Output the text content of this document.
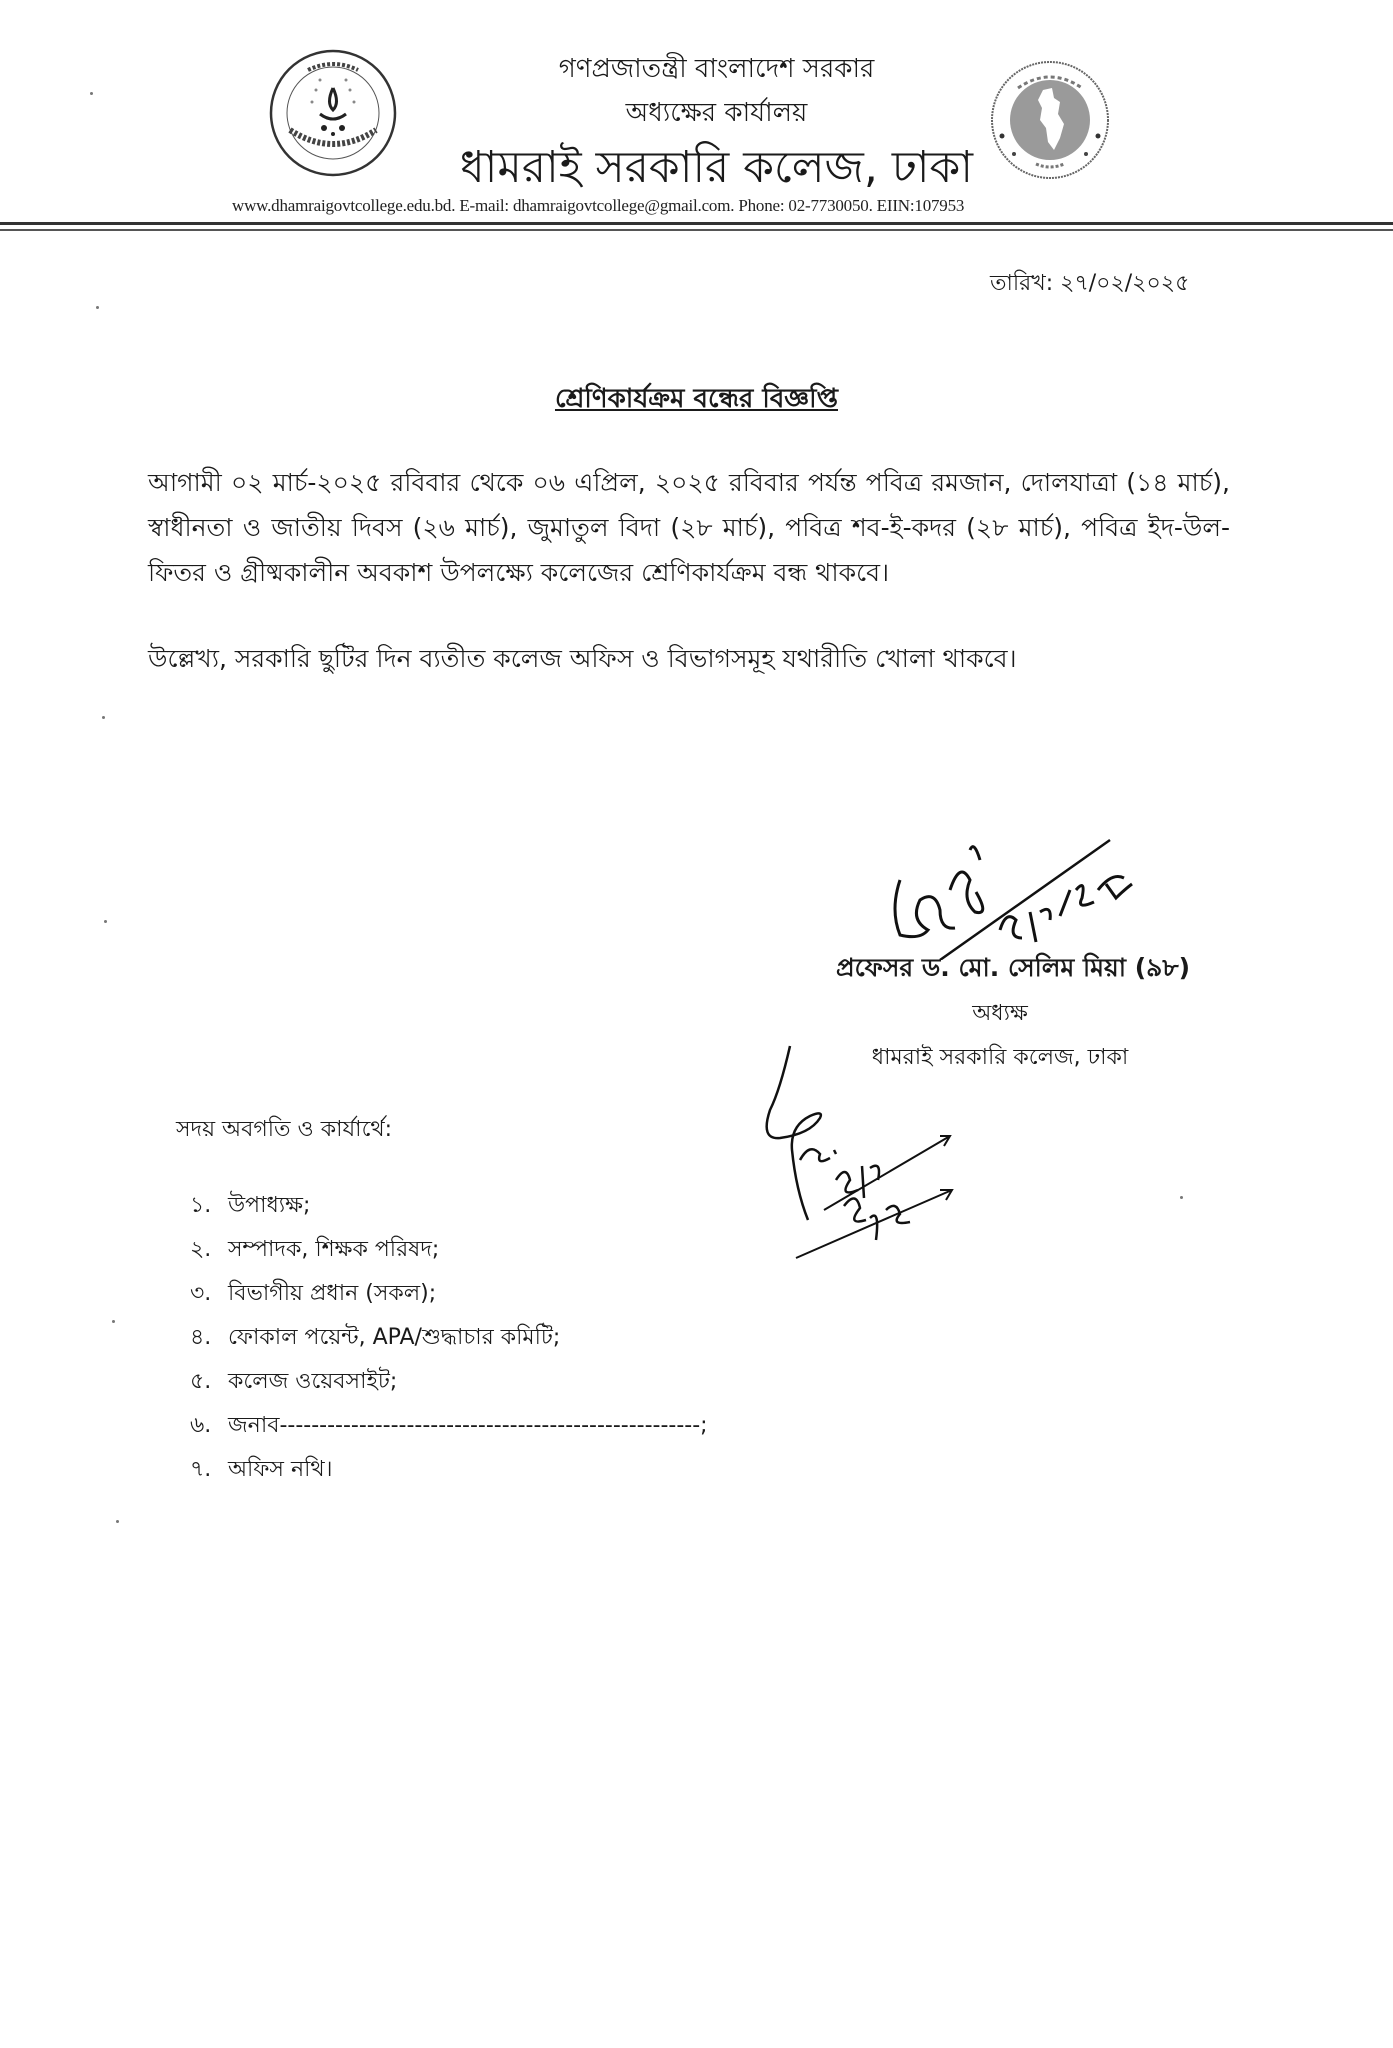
গণপ্রজাতন্ত্রী বাংলাদেশ সরকার
অধ্যক্ষের কার্যালয়
ধামরাই সরকারি কলেজ, ঢাকা
www.dhamraigovtcollege.edu.bd. E-mail: dhamraigovtcollege@gmail.com. Phone: 02-7730050. EIIN:107953
তারিখ: ২৭/০২/২০২৫
শ্রেণিকার্যক্রম বন্ধের বিজ্ঞপ্তি
আগামী ০২ মার্চ-২০২৫ রবিবার থেকে ০৬ এপ্রিল, ২০২৫ রবিবার পর্যন্ত পবিত্র রমজান, দোলযাত্রা (১৪ মার্চ), স্বাধীনতা ও জাতীয় দিবস (২৬ মার্চ), জুমাতুল বিদা (২৮ মার্চ), পবিত্র শব-ই-কদর (২৮ মার্চ), পবিত্র ইদ-উল-ফিতর ও গ্রীষ্মকালীন অবকাশ উপলক্ষ্যে কলেজের শ্রেণিকার্যক্রম বন্ধ থাকবে।
উল্লেখ্য, সরকারি ছুটির দিন ব্যতীত কলেজ অফিস ও বিভাগসমূহ যথারীতি খোলা থাকবে।
প্রফেসর ড. মো. সেলিম মিয়া (৯৮)
অধ্যক্ষ
ধামরাই সরকারি কলেজ, ঢাকা
সদয় অবগতি ও কার্যার্থে:
১. উপাধ্যক্ষ;
২. সম্পাদক, শিক্ষক পরিষদ;
৩. বিভাগীয় প্রধান (সকল);
৪. ফোকাল পয়েন্ট, APA/শুদ্ধাচার কমিটি;
৫. কলেজ ওয়েবসাইট;
৬. জনাব-----------------------------------------------------;
৭. অফিস নথি।
